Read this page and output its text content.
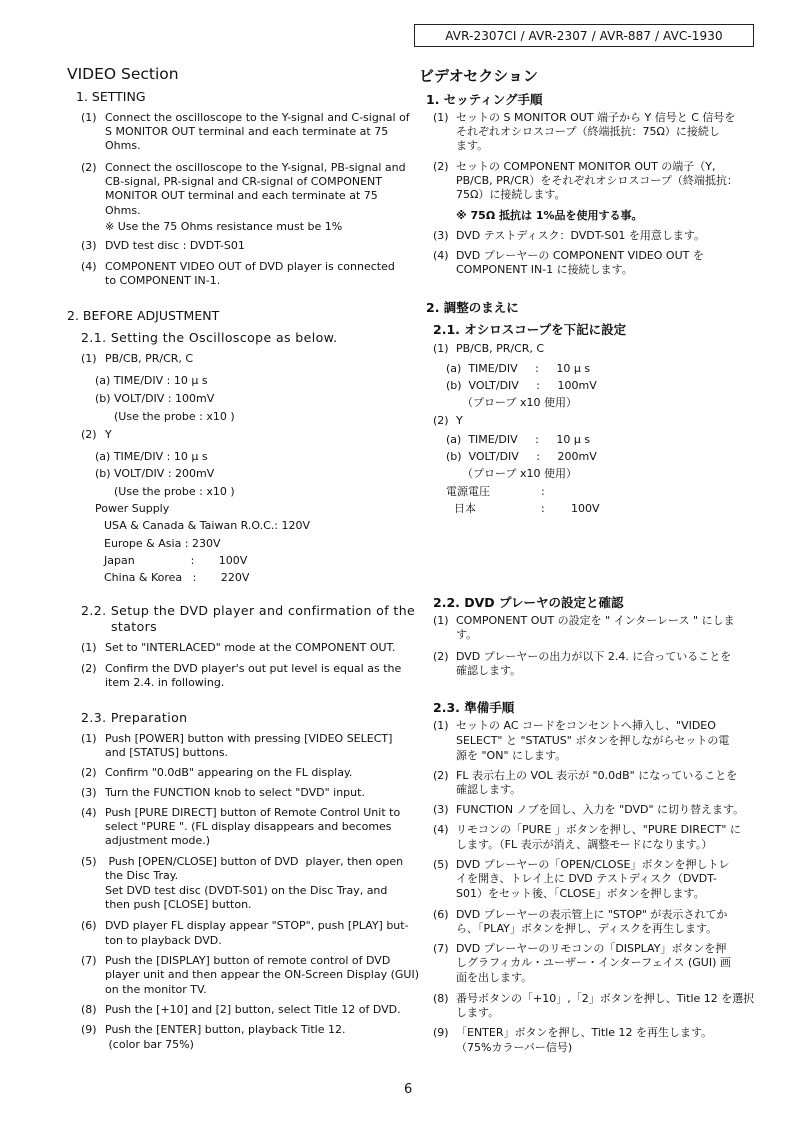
AVR-2307CI / AVR-2307 / AVR-887 / AVC-1930
VIDEO Section
1. SETTING
(1) Connect the oscilloscope to the Y-signal and C-signal of
S MONITOR OUT terminal and each terminate at 75
Ohms.
(2) Connect the oscilloscope to the Y-signal, PB-signal and
CB-signal, PR-signal and CR-signal of COMPONENT
MONITOR OUT terminal and each terminate at 75
Ohms.
※ Use the 75 Ohms resistance must be 1%
(3) DVD test disc : DVDT-S01
(4) COMPONENT VIDEO OUT of DVD player is connected
to COMPONENT IN-1.
2. BEFORE ADJUSTMENT
2.1. Setting the Oscilloscope as below.
(1) PB/CB, PR/CR, C
(a) TIME/DIV : 10 μ s
(b) VOLT/DIV : 100mV
(Use the probe : x10 )
(2) Y
(a) TIME/DIV : 10 μ s
(b) VOLT/DIV : 200mV
(Use the probe : x10 )
Power Supply
USA & Canada & Taiwan R.O.C.: 120V
Europe & Asia : 230V
Japan                :       100V
China & Korea   :       220V
2.2. Setup the DVD player and confirmation of the
stators
(1) Set to "INTERLACED" mode at the COMPONENT OUT.
(2) Confirm the DVD player's out put level is equal as the
item 2.4. in following.
2.3. Preparation
(1) Push [POWER] button with pressing [VIDEO SELECT]
and [STATUS] buttons.
(2) Confirm "0.0dB" appearing on the FL display.
(3) Turn the FUNCTION knob to select "DVD" input.
(4) Push [PURE DIRECT] button of Remote Control Unit to
select "PURE ". (FL display disappears and becomes
adjustment mode.)
(5) Push [OPEN/CLOSE] button of DVD  player, then open
the Disc Tray.
Set DVD test disc (DVDT-S01) on the Disc Tray, and
then push [CLOSE] button.
(6) DVD player FL display appear "STOP", push [PLAY] but-
ton to playback DVD.
(7) Push the [DISPLAY] button of remote control of DVD
player unit and then appear the ON-Screen Display (GUI)
on the monitor TV.
(8) Push the [+10] and [2] button, select Title 12 of DVD.
(9) Push the [ENTER] button, playback Title 12.
(color bar 75%)
ビデオセクション
1. セッティング手順
(1) セットの S MONITOR OUT 端子から Y 信号と C 信号を
それぞれオシロスコープ（終端抵抗：75Ω）に接続し
ます。
(2) セットの COMPONENT MONITOR OUT の端子（Y,
PB/CB, PR/CR）をそれぞれオシロスコープ（終端抵抗：
75Ω）に接続します。
※ 75Ω 抵抗は 1%品を使用する事。
(3) DVD テストディスク：DVDT-S01 を用意します。
(4) DVD プレーヤーの COMPONENT VIDEO OUT を
COMPONENT IN-1 に接続します。
2. 調整のまえに
2.1. オシロスコープを下記に設定
(1) PB/CB, PR/CR, C
(a)  TIME/DIV     :     10 μ s
(b)  VOLT/DIV     :     100mV
（プローブ x10 使用）
(2) Y
(a)  TIME/DIV     :     10 μ s
(b)  VOLT/DIV     :     200mV
（プローブ x10 使用）
電源電圧	:
日本	: 100V
2.2. DVD プレーヤの設定と確認
(1) COMPONENT OUT の設定を " インターレース " にしま
す。
(2) DVD プレーヤーの出力が以下 2.4. に合っていることを
確認します。
2.3. 準備手順
(1) セットの AC コードをコンセントへ挿入し、"VIDEO
SELECT" と "STATUS" ボタンを押しながらセットの電
源を "ON" にします。
(2) FL 表示右上の VOL 表示が "0.0dB" になっていることを
確認します。
(3) FUNCTION ノブを回し、入力を "DVD" に切り替えます。
(4) リモコンの「PURE 」ボタンを押し、"PURE DIRECT" に
します。（FL 表示が消え、調整モードになります。）
(5) DVD プレーヤーの「OPEN/CLOSE」ボタンを押しトレ
イを開き、トレイ上に DVD テストディスク（DVDT-
S01）をセット後、「CLOSE」ボタンを押します。
(6) DVD プレーヤーの表示管上に "STOP" が表示されてか
ら、「PLAY」ボタンを押し、ディスクを再生します。
(7) DVD プレーヤーのリモコンの「DISPLAY」ボタンを押
しグラフィカル・ユーザー・インターフェイス (GUI) 画
面を出します。
(8) 番号ボタンの「+10」,「2」ボタンを押し、Title 12 を選択
します。
(9) 「ENTER」ボタンを押し、Title 12 を再生します。
（75%カラーバー信号)
6
